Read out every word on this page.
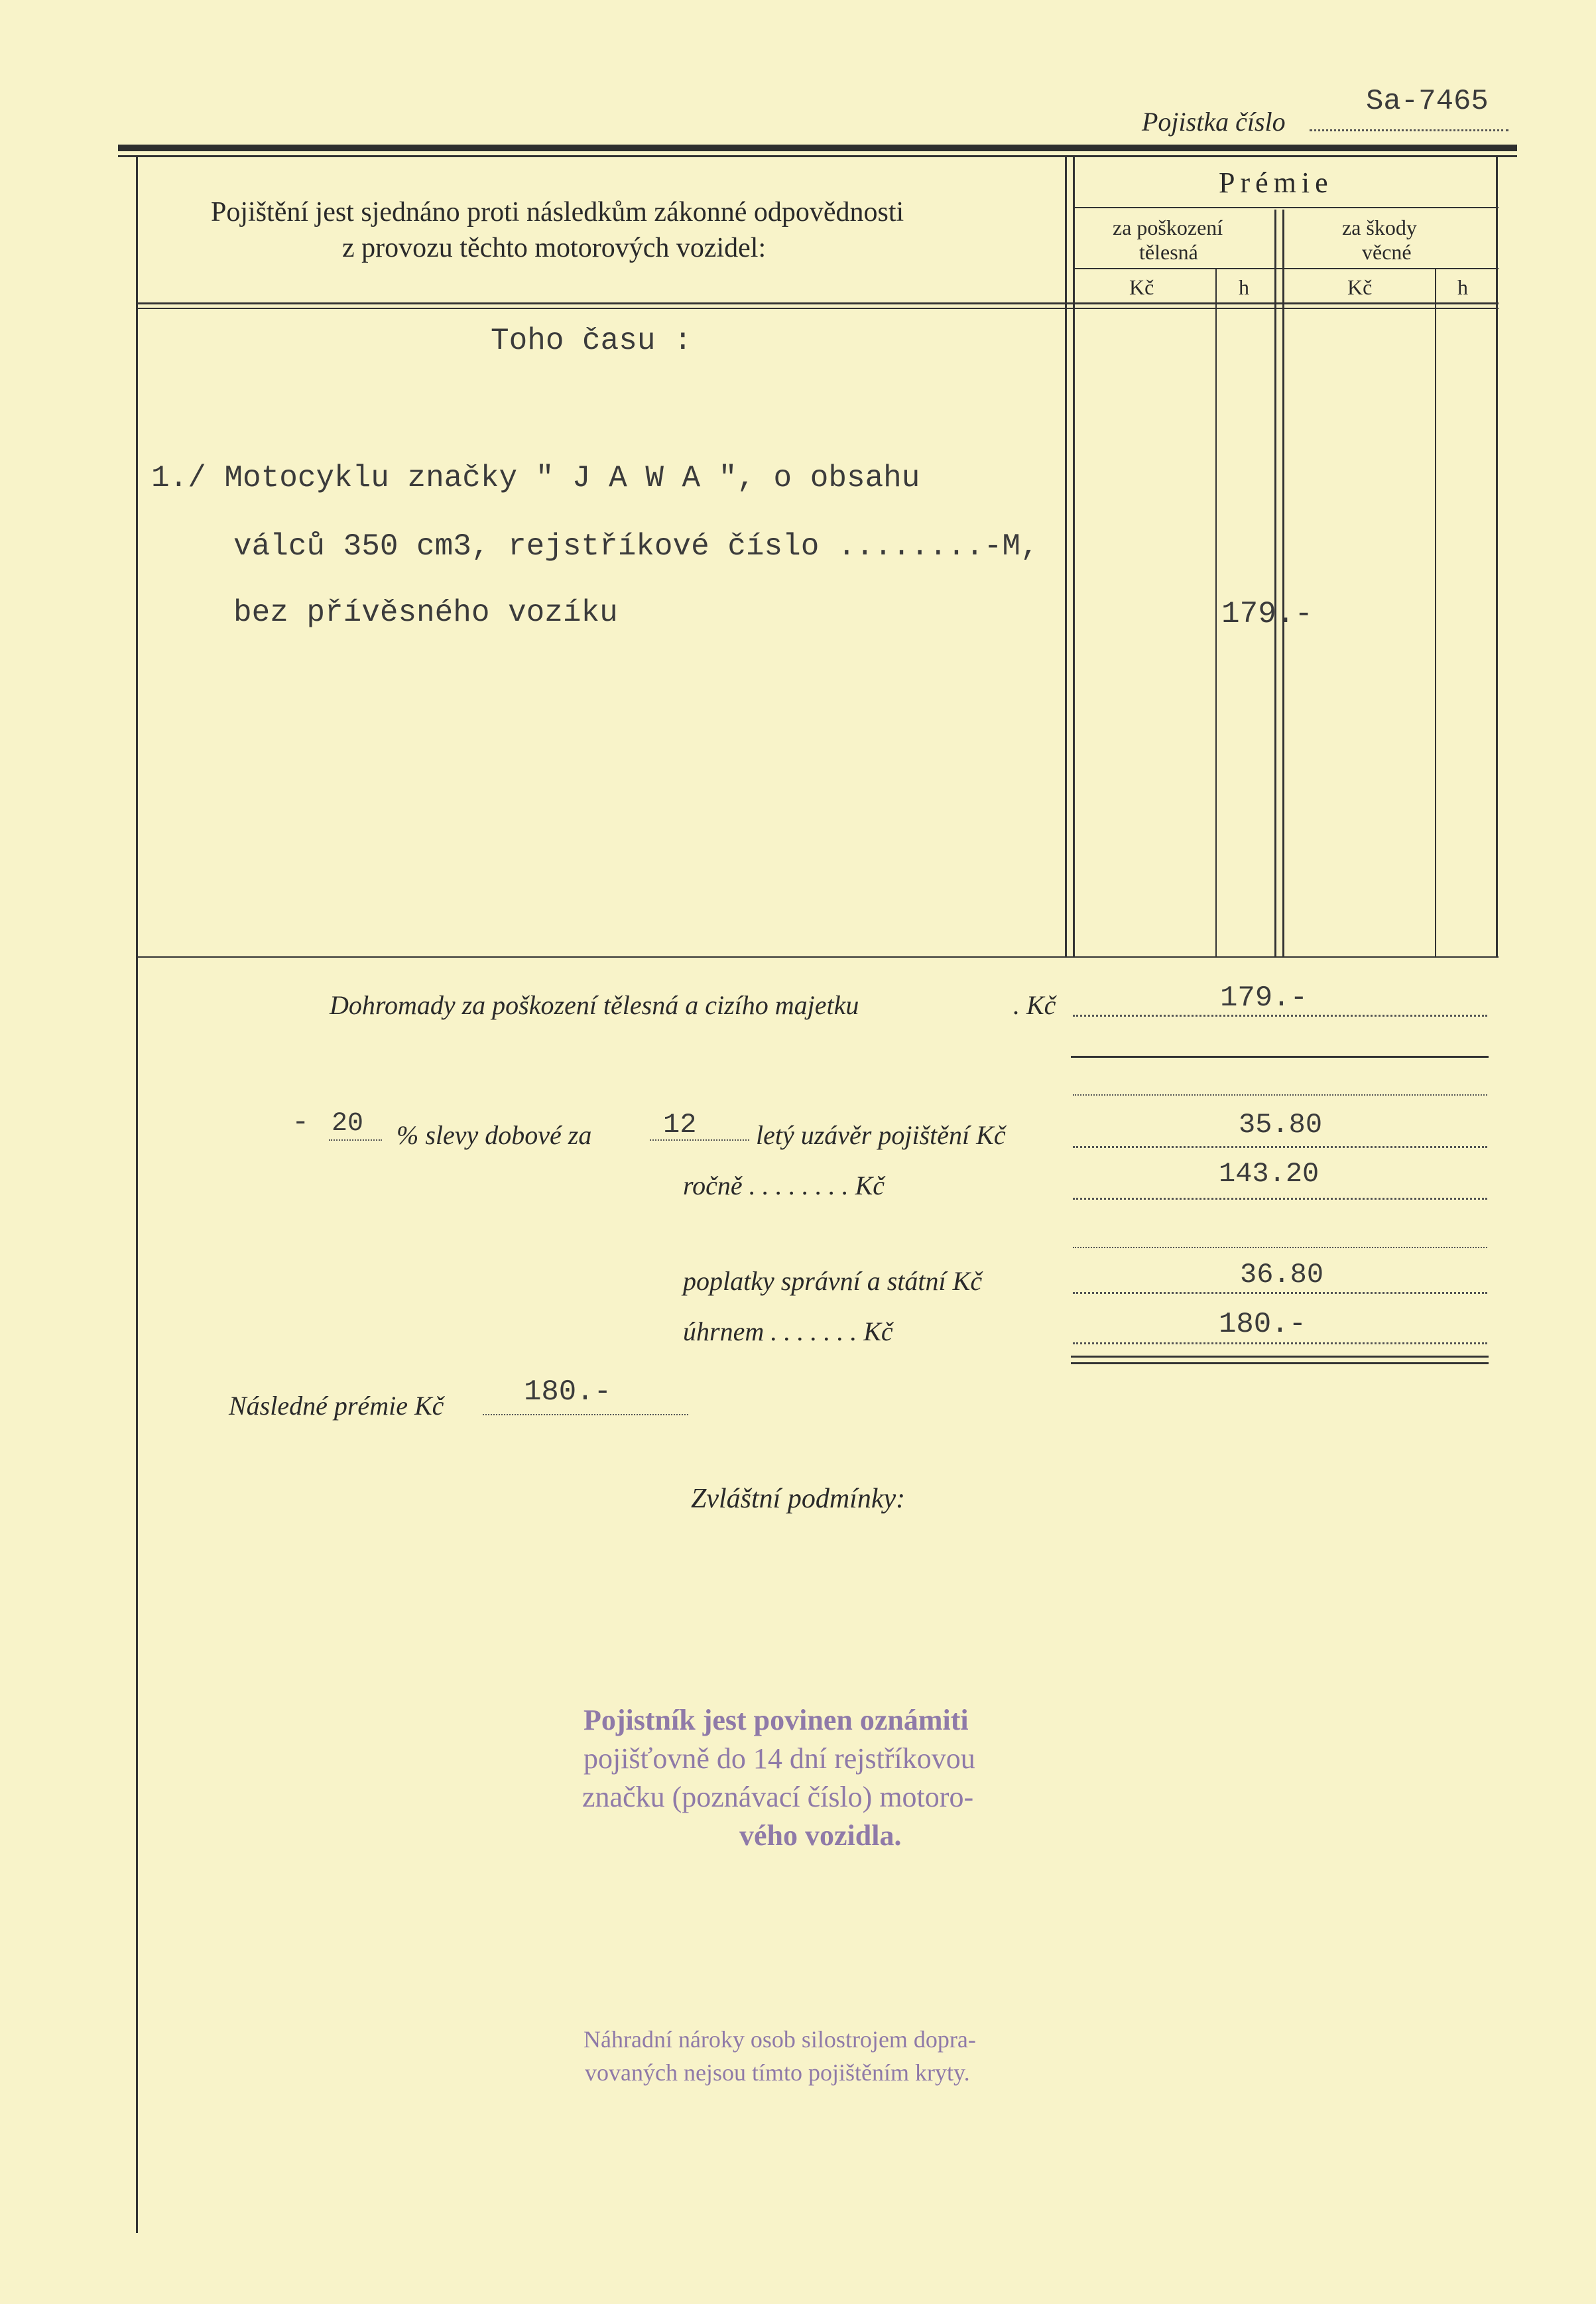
Pojistka číslo
Sa-7465
Pojištění jest sjednáno proti následkům zákonné odpovědnosti
z provozu těchto motorových vozidel:
Prémie
za poškození
tělesná
za škody
věcné
Kč	h	Kč	h
Toho času :
1./ Motocyklu značky " J A W A ", o obsahu
válců 350 cm3, rejstříkové číslo ........-M,
bez přívěsného vozíku	179.-
Dohromady za poškození tělesná a cizího majetku	. Kč	179.-
- 20 % slevy dobové za	12 letý uzávěr pojištění Kč	35.80
ročně . . . . . . . . Kč	143.20
poplatky správní a státní Kč	36.80
úhrnem . . . . . . . Kč	180.-
Následné prémie Kč	180.-
Zvláštní podmínky:
Pojistník jest povinen oznámiti
pojišťovně do 14 dní rejstříkovou
značku (poznávací číslo) motoro-
vého vozidla.
Náhradní nároky osob silostrojem dopra-
vovaných nejsou tímto pojištěním kryty.
